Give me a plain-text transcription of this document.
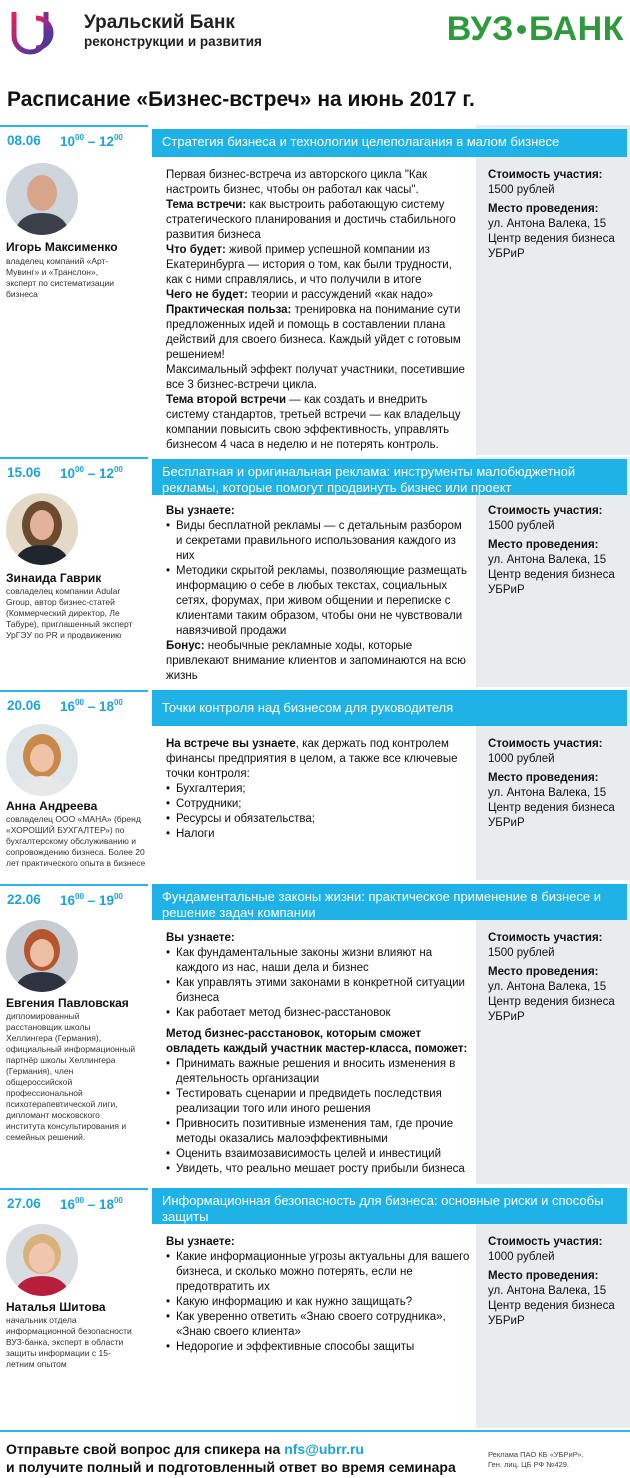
Уральский Банк
реконструкции и развития	ВУЗ БАНК
Расписание «Бизнес-встреч» на июнь 2017 г.
08.06 $10^{00} - 12^{00}$	Стратегия бизнеса и технологии целеполагания в малом бизнесе
Игорь Максименко
владелец компаний «Арт-Мувинг» и «Транслон», эксперт по систематизации бизнеса

Первая бизнес-встреча из авторского цикла "Как настроить бизнес, чтобы он работал как часы".

Тема встречи: как выстроить работающую систему стратегического планирования и достичь стабильного развития бизнеса

Что будет: живой пример успешной компании из Екатеринбурга — история о том, как были трудности, как с ними справлялись, и что получили в итоге

Чего не будет: теории и рассуждений «как надо»

Практическая польза: тренировка на понимание сути предложенных идей и помощь в составлении плана действий для своего бизнеса. Каждый уйдет с готовым решением!

Максимальный эффект получат участники, посетившие все 3 бизнес-встречи цикла.

Тема второй встречи — как создать и внедрить систему стандартов, третьей встречи — как владельцу компании повысить свою эффективность, управлять бизнесом 4 часа в неделю и не потерять контроль.

Стоимость участия:
1500 рублей
Место проведения:
ул. Антона Валека, 15 Центр ведения бизнеса УБРиР
15.06 $10^{00} - 12^{00}$	Бесплатная и оригинальная реклама: инструменты малобюджетной рекламы, которые помогут продвинуть бизнес или проект
Зинаида Гаврик
совладелец компании Adular Group, автор бизнес-статей (Коммерческий директор, Ле Табуре), приглашенный эксперт УрГЭУ по PR и продвижению

Вы узнаете:

• Виды бесплатной рекламы — с детальным разбором и секретами правильного использования каждого из них
• Методики скрытой рекламы, позволяющие размещать информацию о себе в любых текстах, социальных сетях, форумах, при живом общении и переписке с клиентами таким образом, чтобы они не чувствовали навязчивой продажи

Бонус: необычные рекламные ходы, которые привлекают внимание клиентов и запоминаются на всю жизнь

Стоимость участия:
1500 рублей
Место проведения:
ул. Антона Валека, 15 Центр ведения бизнеса УБРиР
20.06 $16^{00} - 18^{00}$	Точки контроля над бизнесом для руководителя
Анна Андреева
совладелец ООО «МАНА» (бренд «ХОРОШИЙ БУХГАЛТЕР») по бухгалтерскому обслуживанию и сопровождению бизнеса. Более 20 лет практического опыта в бизнесе

На встрече вы узнаете, как держать под контролем финансы предприятия в целом, а также все ключевые точки контроля:

• Бухгалтерия;
• Сотрудники;
• Ресурсы и обязательства;
• Налоги
Стоимость участия:
1000 рублей
Место проведения:
ул. Антона Валека, 15 Центр ведения бизнеса УБРиР
22.06 $16^{00} - 19^{00}$	Фундаментальные законы жизни: практическое применение в бизнесе и решение задач компании
Евгения Павловская
дипломированный расстановщик школы Хеллингера (Германия), официальный информационный партнёр школы Хеллингера (Германия), член общероссийской профессиональной психотерапевтической лиги, дипломант московского института консультирования и семейных решений.

Вы узнаете:

• Как фундаментальные законы жизни влияют на каждого из нас, наши дела и бизнес
• Как управлять этими законами в конкретной ситуации бизнеса
• Как работает метод бизнес-расстановок

Метод бизнес-расстановок, которым сможет овладеть каждый участник мастер-класса, поможет:

• Принимать важные решения и вносить изменения в деятельность организации
• Тестировать сценарии и предвидеть последствия реализации того или иного решения
• Привносить позитивные изменения там, где прочие методы оказались малоэффективными
• Оценить взаимозависимость целей и инвестиций
• Увидеть, что реально мешает росту прибыли бизнеса
Стоимость участия:
1500 рублей
Место проведения:
ул. Антона Валека, 15 Центр ведения бизнеса УБРиР
27.06 $16^{00} - 18^{00}$	Информационная безопасность для бизнеса: основные риски и способы защиты
Наталья Шитова
начальник отдела информационной безопасности ВУЗ-банка, эксперт в области защиты информации с 15-летним опытом

Вы узнаете:

• Какие информационные угрозы актуальны для вашего бизнеса, и сколько можно потерять, если не предотвратить их
• Какую информацию и как нужно защищать?
• Как уверенно ответить «Знаю своего сотрудника», «Знаю своего клиента»
• Недорогие и эффективные способы защиты
Стоимость участия:
1000 рублей
Место проведения:
ул. Антона Валека, 15 Центр ведения бизнеса УБРиР
Отправьте свой вопрос для спикера на nfs@ubrr.ru
и получите полный и подготовленный ответ во время семинара
Реклама ПАО КБ «УБРиР».
Ген. лиц. ЦБ РФ №429.
